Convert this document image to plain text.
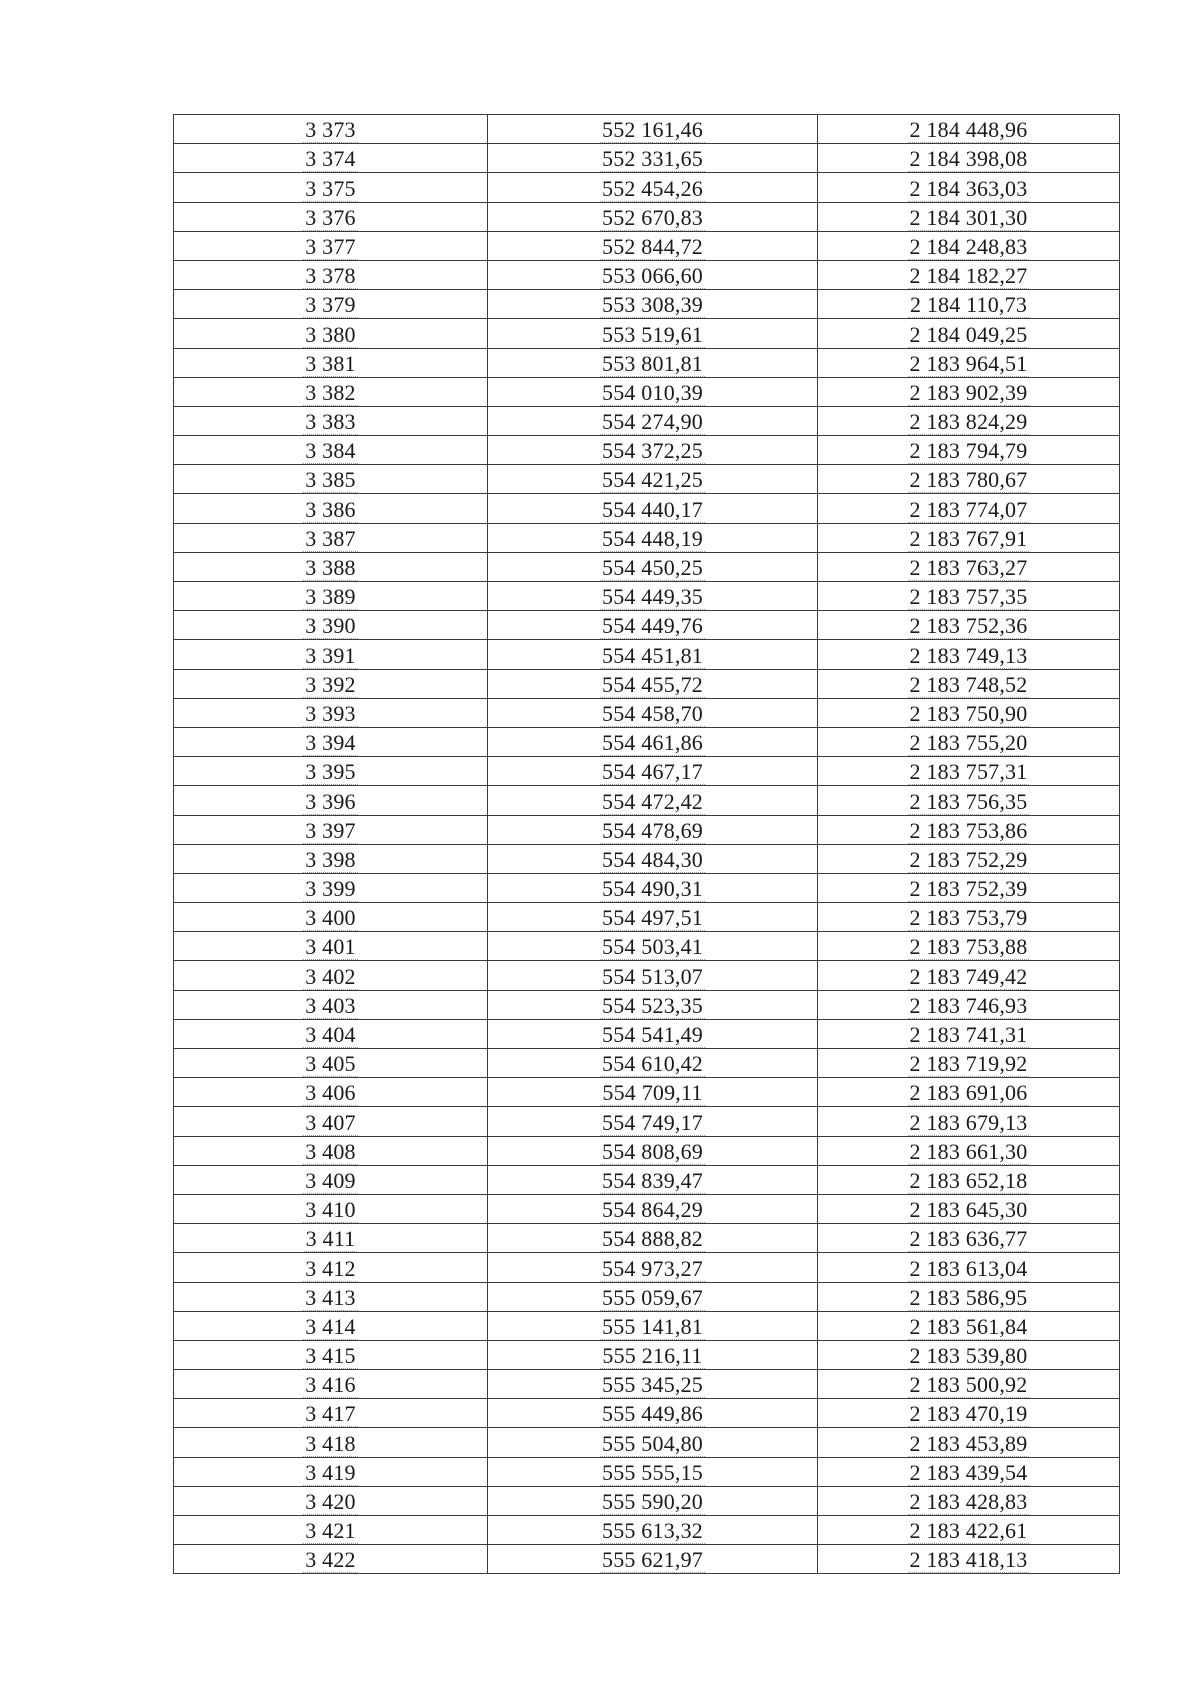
3 373	552 161,46	2 184 448,96
3 374	552 331,65	2 184 398,08
3 375	552 454,26	2 184 363,03
3 376	552 670,83	2 184 301,30
3 377	552 844,72	2 184 248,83
3 378	553 066,60	2 184 182,27
3 379	553 308,39	2 184 110,73
3 380	553 519,61	2 184 049,25
3 381	553 801,81	2 183 964,51
3 382	554 010,39	2 183 902,39
3 383	554 274,90	2 183 824,29
3 384	554 372,25	2 183 794,79
3 385	554 421,25	2 183 780,67
3 386	554 440,17	2 183 774,07
3 387	554 448,19	2 183 767,91
3 388	554 450,25	2 183 763,27
3 389	554 449,35	2 183 757,35
3 390	554 449,76	2 183 752,36
3 391	554 451,81	2 183 749,13
3 392	554 455,72	2 183 748,52
3 393	554 458,70	2 183 750,90
3 394	554 461,86	2 183 755,20
3 395	554 467,17	2 183 757,31
3 396	554 472,42	2 183 756,35
3 397	554 478,69	2 183 753,86
3 398	554 484,30	2 183 752,29
3 399	554 490,31	2 183 752,39
3 400	554 497,51	2 183 753,79
3 401	554 503,41	2 183 753,88
3 402	554 513,07	2 183 749,42
3 403	554 523,35	2 183 746,93
3 404	554 541,49	2 183 741,31
3 405	554 610,42	2 183 719,92
3 406	554 709,11	2 183 691,06
3 407	554 749,17	2 183 679,13
3 408	554 808,69	2 183 661,30
3 409	554 839,47	2 183 652,18
3 410	554 864,29	2 183 645,30
3 411	554 888,82	2 183 636,77
3 412	554 973,27	2 183 613,04
3 413	555 059,67	2 183 586,95
3 414	555 141,81	2 183 561,84
3 415	555 216,11	2 183 539,80
3 416	555 345,25	2 183 500,92
3 417	555 449,86	2 183 470,19
3 418	555 504,80	2 183 453,89
3 419	555 555,15	2 183 439,54
3 420	555 590,20	2 183 428,83
3 421	555 613,32	2 183 422,61
3 422	555 621,97	2 183 418,13
